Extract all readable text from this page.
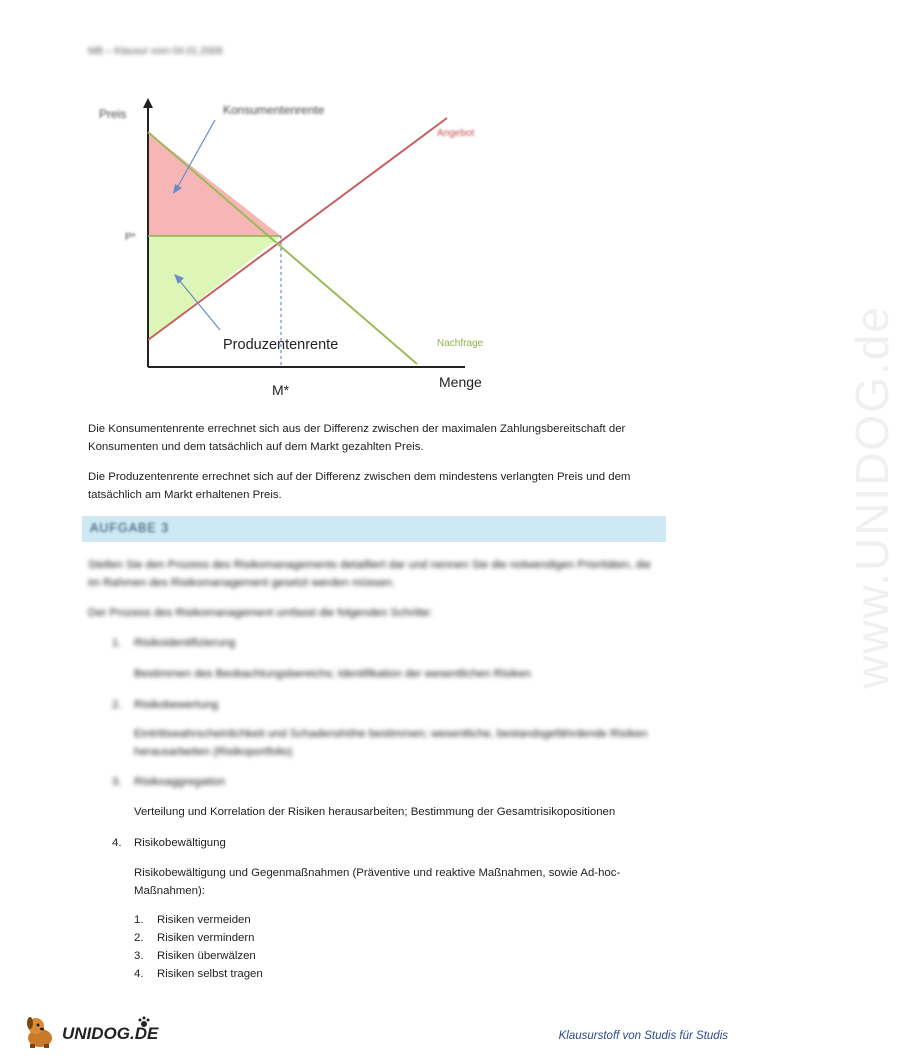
MB – Klausur vom 04.01.2008
Preis	Konsumentenrente
P*
Angebot
Nachfrage
Produzentenrente
M*	Menge

Die Konsumentenrente errechnet sich aus der Differenz zwischen der maximalen Zahlungsbereitschaft der

Konsumenten und dem tatsächlich auf dem Markt gezahlten Preis.

Die Produzentenrente errechnet sich auf der Differenz zwischen dem mindestens verlangten Preis und dem

tatsächlich am Markt erhaltenen Preis.

AUFGABE 3

Stellen Sie den Prozess des Risikomanagements detailliert dar und nennen Sie die notwendigen Prioritäten, die

im Rahmen des Risikomanagement gesetzt werden müssen.

Der Prozess des Risikomanagement umfasst die folgenden Schritte:

1. Risikoidentifizierung
Bestimmen des Beobachtungsbereichs; Identifikation der wesentlichen Risiken
2. Risikobewertung
Eintrittswahrscheinlichkeit und Schadenshöhe bestimmen; wesentliche, bestandsgefährdende Risiken
herausarbeiten (Risikoportfolio)
3. Risikoaggregation
Verteilung und Korrelation der Risiken herausarbeiten; Bestimmung der Gesamtrisikopositionen
4. Risikobewältigung
Risikobewältigung und Gegenmaßnahmen (Präventive und reaktive Maßnahmen, sowie Ad-hoc-
Maßnahmen):
1. Risiken vermeiden
2. Risiken vermindern
3. Risiken überwälzen
4. Risiken selbst tragen
www.UNIDOG.de
UNIDOG.DE	Klausurstoff von Studis für Studis
